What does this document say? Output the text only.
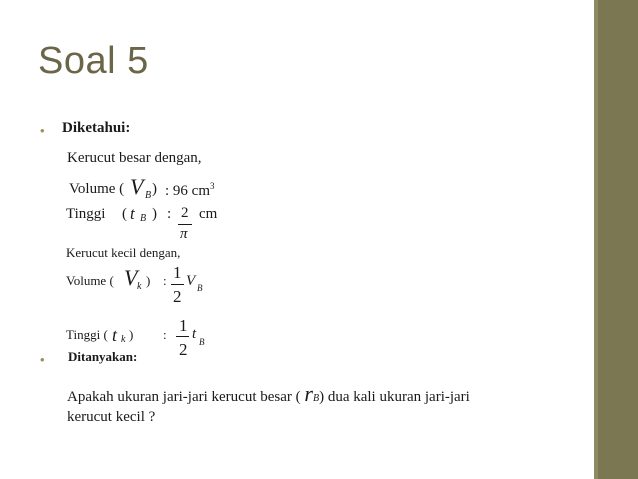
Soal 5
• Diketahui:
Kerucut besar dengan,
Volume ( V B ) : 96 $cm^3$
Tinggi ( t B ) : 2
π
cm
Kerucut kecil dengan,
Volume ( V k ) : 1
2
V B
Tinggi ( t k ) : 1
2
t B
• Ditanyakan:
Apakah ukuran jari-jari kerucut besar ( rB) dua kali ukuran jari-jari
kerucut kecil ?
